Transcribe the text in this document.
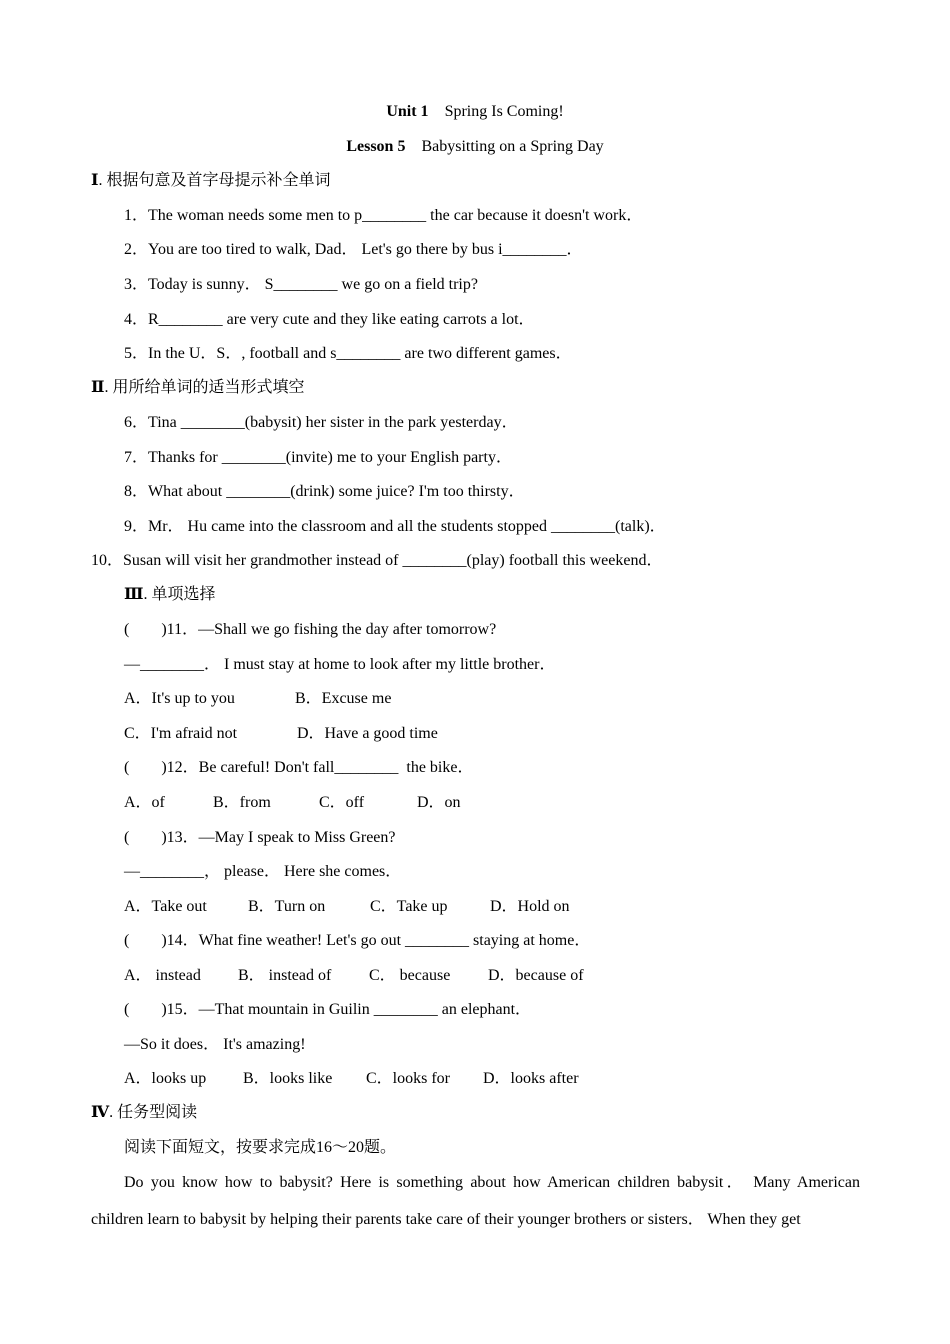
Unit 1　 Spring Is Coming!
Lesson 5　 Babysitting on a Spring Day
Ⅰ. 根据句意及首字母提示补全单词
1．The woman needs some men to p________ the car because it doesn't work．
2．You are too tired to walk, Dad． Let's go there by bus i________．
3．Today is sunny． S________ we go on a field trip?
4．R________ are very cute and they like eating carrots a lot．
5．In the U．S．, football and s________ are two different games．
Ⅱ. 用所给单词的适当形式填空
6．Tina ________(babysit) her sister in the park yesterday．
7．Thanks for ________(invite) me to your English party．
8．What about ________(drink) some juice? I'm too thirsty．
9．Mr． Hu came into the classroom and all the students stopped ________(talk)．
10．Susan will visit her grandmother instead of ________(play) football this weekend．
Ⅲ. 单项选择
(　　)11．—Shall we go fishing the day after tomorrow?
—________． I must stay at home to look after my little brother．
A．It's up to you	B．Excuse me
C．I'm afraid not	D．Have a good time
(　　)12．Be careful! Don't fall________  the bike．
A．of	B．from	C．off	D．on
(　　)13．—May I speak to Miss Green?
—________， please． Here she comes．
A．Take out	B．Turn on	C．Take up	D．Hold on
(　　)14．What fine weather! Let's go out ________ staying at home．
A． instead B． instead of C． because D．because of
(　　)15．—That mountain in Guilin ________ an elephant．
—So it does． It's amazing!
A．looks up B．looks like C．looks for D．looks after
Ⅳ. 任务型阅读
阅读下面短文，按要求完成16～20题。
Do you know how to babysit? Here is something about how American children babysit． Many American children learn to babysit by helping their parents take care of their younger brothers or sisters． When they get
